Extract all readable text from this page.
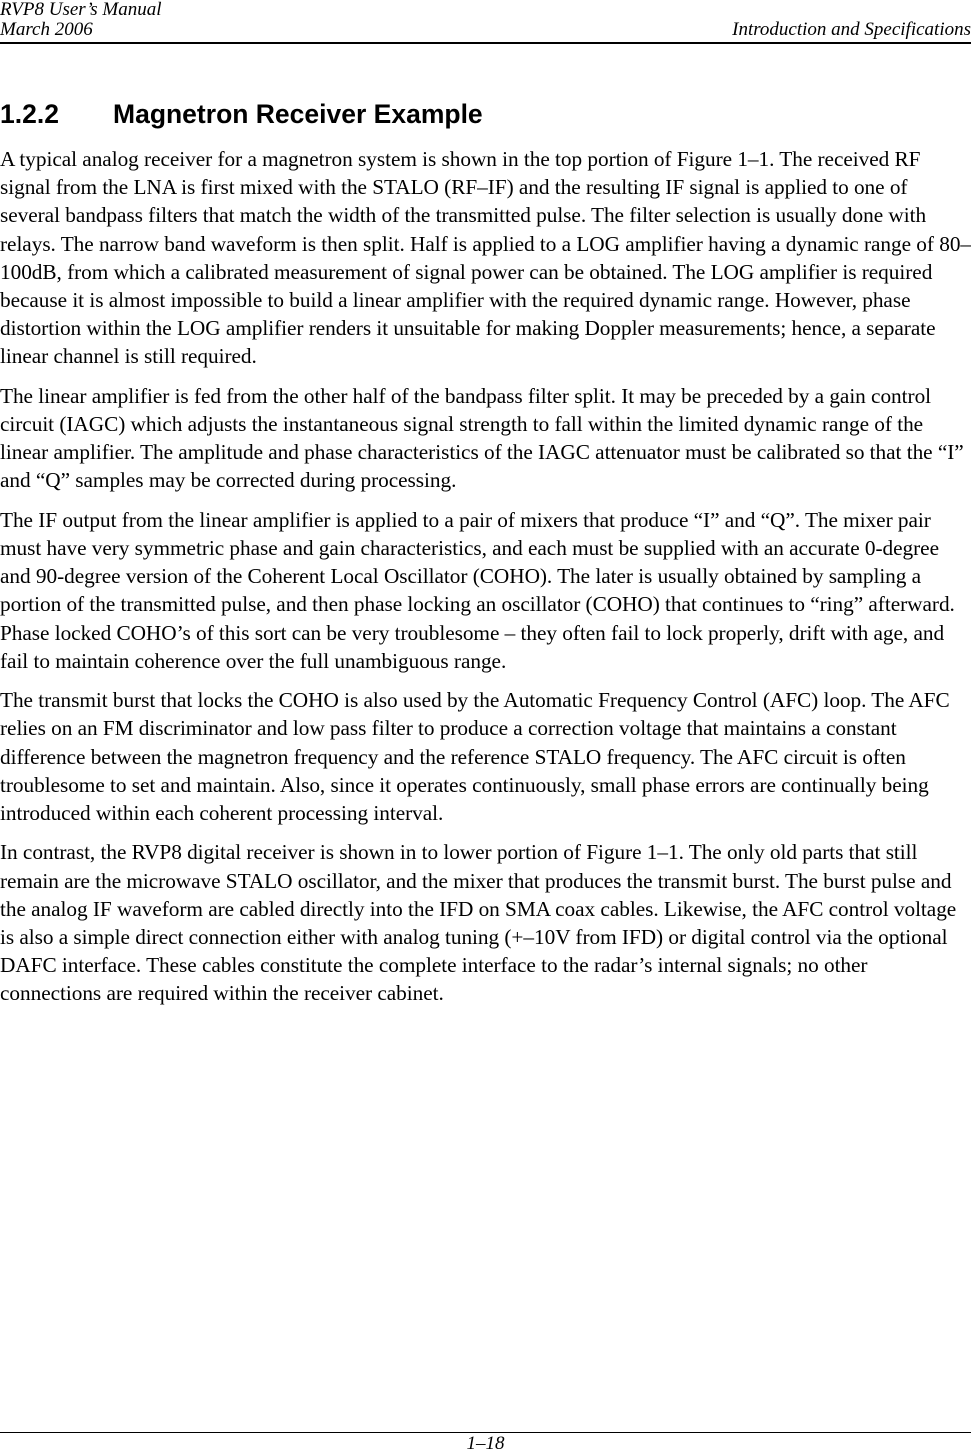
RVP8 User’s Manual
March 2006	Introduction and Specifications
1.2.2 Magnetron Receiver Example

A typical analog receiver for a magnetron system is shown in the top portion of Figure 1–1. The received RF signal from the LNA is first mixed with the STALO (RF–IF) and the resulting IF signal is applied to one of several bandpass filters that match the width of the transmitted pulse. The filter selection is usually done with relays. The narrow band waveform is then split. Half is applied to a LOG amplifier having a dynamic range of 80–100dB, from which a calibrated measurement of signal power can be obtained. The LOG amplifier is required because it is almost impossible to build a linear amplifier with the required dynamic range. However, phase distortion within the LOG amplifier renders it unsuitable for making Doppler measurements; hence, a separate linear channel is still required.

The linear amplifier is fed from the other half of the bandpass filter split. It may be preceded by a gain control circuit (IAGC) which adjusts the instantaneous signal strength to fall within the limited dynamic range of the linear amplifier. The amplitude and phase characteristics of the IAGC attenuator must be calibrated so that the “I” and “Q” samples may be corrected during processing.

The IF output from the linear amplifier is applied to a pair of mixers that produce “I” and “Q”. The mixer pair must have very symmetric phase and gain characteristics, and each must be supplied with an accurate 0-degree and 90-degree version of the Coherent Local Oscillator (COHO). The later is usually obtained by sampling a portion of the transmitted pulse, and then phase locking an oscillator (COHO) that continues to “ring” afterward. Phase locked COHO’s of this sort can be very troublesome – they often fail to lock properly, drift with age, and fail to maintain coherence over the full unambiguous range.

The transmit burst that locks the COHO is also used by the Automatic Frequency Control (AFC) loop. The AFC relies on an FM discriminator and low pass filter to produce a correction voltage that maintains a constant difference between the magnetron frequency and the reference STALO frequency. The AFC circuit is often troublesome to set and maintain. Also, since it operates continuously, small phase errors are continually being introduced within each coherent processing interval.

In contrast, the RVP8 digital receiver is shown in to lower portion of Figure 1–1. The only old parts that still remain are the microwave STALO oscillator, and the mixer that produces the transmit burst. The burst pulse and the analog IF waveform are cabled directly into the IFD on SMA coax cables. Likewise, the AFC control voltage is also a simple direct connection either with analog tuning (+–10V from IFD) or digital control via the optional DAFC interface. These cables constitute the complete interface to the radar’s internal signals; no other connections are required within the receiver cabinet.

1–18
